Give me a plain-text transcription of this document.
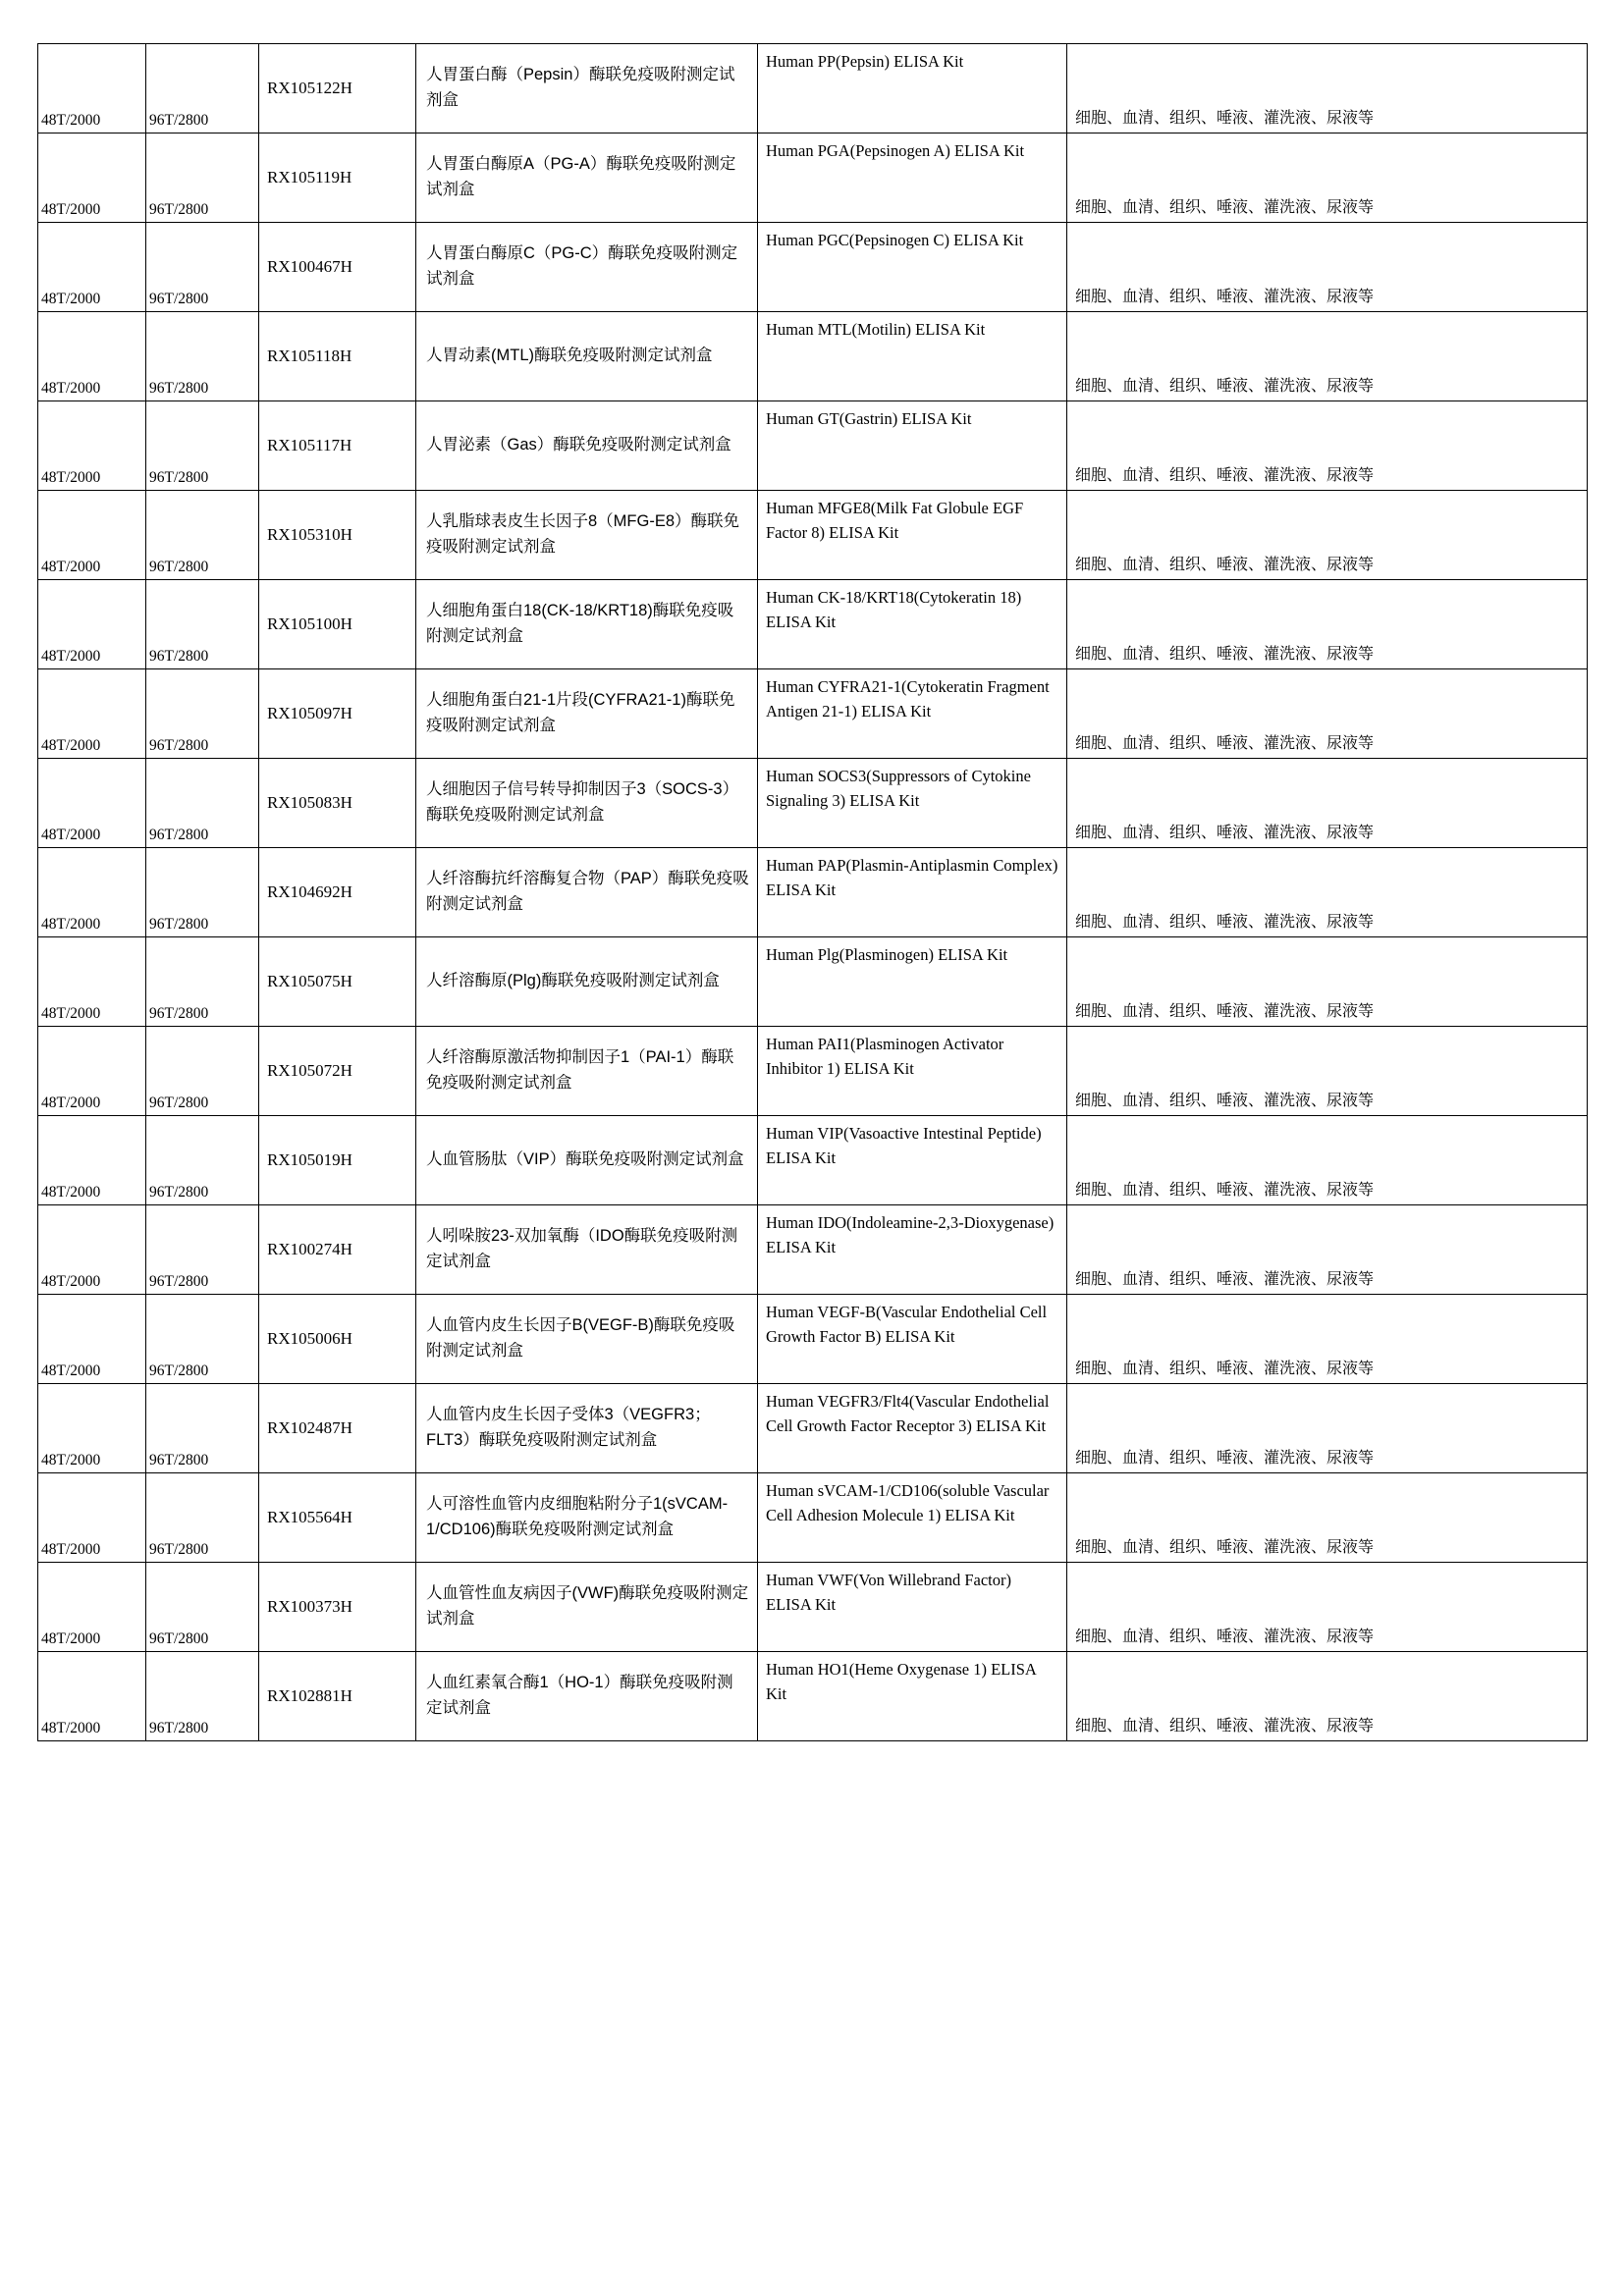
48T/2000	96T/2800	RX105122H	人胃蛋白酶（Pepsin）酶联免疫吸附测定试剂盒	Human PP(Pepsin) ELISA Kit	细胞、血清、组织、唾液、灌洗液、尿液等

48T/2000	96T/2800	RX105119H	人胃蛋白酶原A（PG-A）酶联免疫吸附测定试剂盒	Human PGA(Pepsinogen A) ELISA Kit	细胞、血清、组织、唾液、灌洗液、尿液等

48T/2000	96T/2800	RX100467H	人胃蛋白酶原C（PG-C）酶联免疫吸附测定试剂盒	Human PGC(Pepsinogen C) ELISA Kit	细胞、血清、组织、唾液、灌洗液、尿液等

48T/2000	96T/2800	RX105118H	人胃动素(MTL)酶联免疫吸附测定试剂盒	Human MTL(Motilin) ELISA Kit	细胞、血清、组织、唾液、灌洗液、尿液等

48T/2000	96T/2800	RX105117H	人胃泌素（Gas）酶联免疫吸附测定试剂盒	Human GT(Gastrin) ELISA Kit	细胞、血清、组织、唾液、灌洗液、尿液等

48T/2000	96T/2800	RX105310H	人乳脂球表皮生长因子8（MFG-E8）酶联免疫吸附测定试剂盒	Human MFGE8(Milk Fat Globule EGF Factor 8) ELISA Kit	细胞、血清、组织、唾液、灌洗液、尿液等

48T/2000	96T/2800	RX105100H	人细胞角蛋白18(CK-18/KRT18)酶联免疫吸附测定试剂盒	Human CK-18/KRT18(Cytokeratin 18) ELISA Kit	细胞、血清、组织、唾液、灌洗液、尿液等

48T/2000	96T/2800	RX105097H	人细胞角蛋白21-1片段(CYFRA21-1)酶联免疫吸附测定试剂盒	Human CYFRA21-1(Cytokeratin Fragment Antigen 21-1) ELISA Kit	细胞、血清、组织、唾液、灌洗液、尿液等

48T/2000	96T/2800	RX105083H	人细胞因子信号转导抑制因子3（SOCS-3）酶联免疫吸附测定试剂盒	Human SOCS3(Suppressors of Cytokine Signaling 3) ELISA Kit	细胞、血清、组织、唾液、灌洗液、尿液等

48T/2000	96T/2800	RX104692H	人纤溶酶抗纤溶酶复合物（PAP）酶联免疫吸附测定试剂盒	Human PAP(Plasmin-Antiplasmin Complex) ELISA Kit	细胞、血清、组织、唾液、灌洗液、尿液等

48T/2000	96T/2800	RX105075H	人纤溶酶原(Plg)酶联免疫吸附测定试剂盒	Human Plg(Plasminogen) ELISA Kit	细胞、血清、组织、唾液、灌洗液、尿液等

48T/2000	96T/2800	RX105072H	人纤溶酶原激活物抑制因子1（PAI-1）酶联免疫吸附测定试剂盒	Human PAI1(Plasminogen Activator Inhibitor 1) ELISA Kit	细胞、血清、组织、唾液、灌洗液、尿液等

48T/2000	96T/2800	RX105019H	人血管肠肽（VIP）酶联免疫吸附测定试剂盒	Human VIP(Vasoactive Intestinal Peptide) ELISA Kit	细胞、血清、组织、唾液、灌洗液、尿液等

48T/2000	96T/2800	RX100274H	人吲哚胺23-双加氧酶（IDO酶联免疫吸附测定试剂盒	Human IDO(Indoleamine-2,3-Dioxygenase) ELISA Kit	细胞、血清、组织、唾液、灌洗液、尿液等

48T/2000	96T/2800	RX105006H	人血管内皮生长因子B(VEGF-B)酶联免疫吸附测定试剂盒	Human VEGF-B(Vascular Endothelial Cell Growth Factor B) ELISA Kit	细胞、血清、组织、唾液、灌洗液、尿液等

48T/2000	96T/2800	RX102487H	人血管内皮生长因子受体3（VEGFR3；FLT3）酶联免疫吸附测定试剂盒	Human VEGFR3/Flt4(Vascular Endothelial Cell Growth Factor Receptor 3) ELISA Kit	细胞、血清、组织、唾液、灌洗液、尿液等

48T/2000	96T/2800	RX105564H	人可溶性血管内皮细胞粘附分子1(sVCAM-1/CD106)酶联免疫吸附测定试剂盒	Human sVCAM-1/CD106(soluble Vascular Cell Adhesion Molecule 1) ELISA Kit	细胞、血清、组织、唾液、灌洗液、尿液等

48T/2000	96T/2800	RX100373H	人血管性血友病因子(VWF)酶联免疫吸附测定试剂盒	Human VWF(Von Willebrand Factor) ELISA Kit	细胞、血清、组织、唾液、灌洗液、尿液等

48T/2000	96T/2800	RX102881H	人血红素氧合酶1（HO-1）酶联免疫吸附测定试剂盒	Human HO1(Heme Oxygenase 1) ELISA Kit	细胞、血清、组织、唾液、灌洗液、尿液等
